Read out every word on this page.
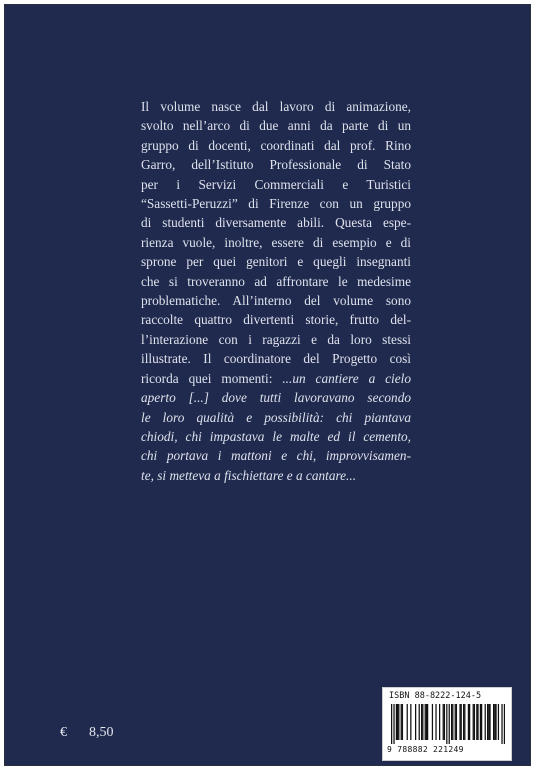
Il volume nasce dal lavoro di animazione,
svolto nell’arco di due anni da parte di un
gruppo di docenti, coordinati dal prof. Rino
Garro, dell’Istituto Professionale di Stato
per i Servizi Commerciali e Turistici
“Sassetti-Peruzzi” di Firenze con un gruppo
di studenti diversamente abili. Questa espe-
rienza vuole, inoltre, essere di esempio e di
sprone per quei genitori e quegli insegnanti
che si troveranno ad affrontare le medesime
problematiche. All’interno del volume sono
raccolte quattro divertenti storie, frutto del-
l’interazione con i ragazzi e da loro stessi
illustrate. Il coordinatore del Progetto così
ricorda quei momenti: ...un cantiere a cielo
aperto [...] dove tutti lavoravano secondo
le loro qualità e possibilità: chi piantava
chiodi, chi impastava le malte ed il cemento,
chi portava i mattoni e chi, improvvisamen-
te, si metteva a fischiettare e a cantare...
€ 8,50
ISBN 88-8222-124-5
9 788882 221249
